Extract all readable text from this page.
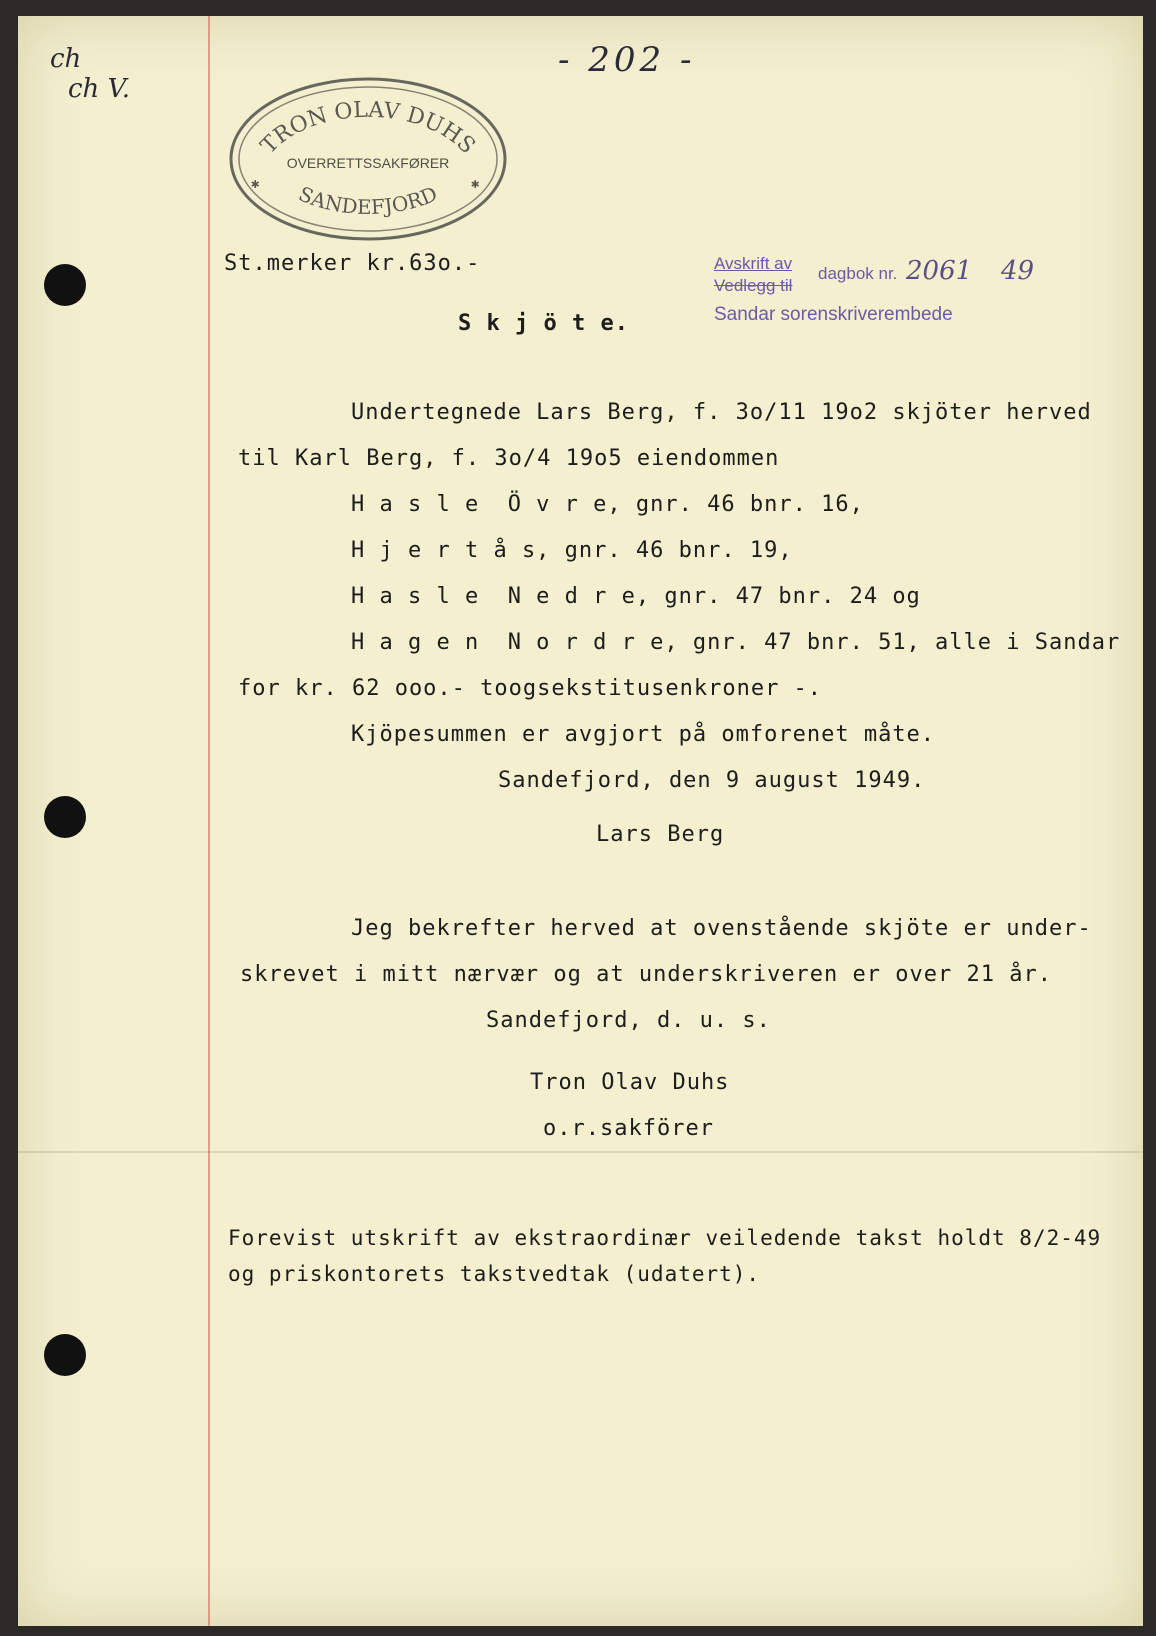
ch
ch V.
- 202 -
TRON OLAV DUHS
OVERRETTSSAKFØRER
✱	✱
SANDEFJORD
St.merker kr.63o.-	Avskrift av
Vedlegg til
dagbok nr. 2061 49
Sandar sorenskriverembede
S k j ö t e.
Undertegnede Lars Berg, f. 3o/11 19o2 skjöter herved
til Karl Berg, f. 3o/4 19o5 eiendommen
H a s l e  Ö v r e, gnr. 46 bnr. 16,
H j e r t å s, gnr. 46 bnr. 19,
H a s l e  N e d r e, gnr. 47 bnr. 24 og
H a g e n  N o r d r e, gnr. 47 bnr. 51, alle i Sandar
for kr. 62 ooo.- toogsekstitusenkroner -.
Kjöpesummen er avgjort på omforenet måte.
Sandefjord, den 9 august 1949.
Lars Berg
Jeg bekrefter herved at ovenstående skjöte er under-
skrevet i mitt nærvær og at underskriveren er over 21 år.
Sandefjord, d. u. s.
Tron Olav Duhs
o.r.sakförer
Forevist utskrift av ekstraordinær veiledende takst holdt 8/2-49
og priskontorets takstvedtak (udatert).
